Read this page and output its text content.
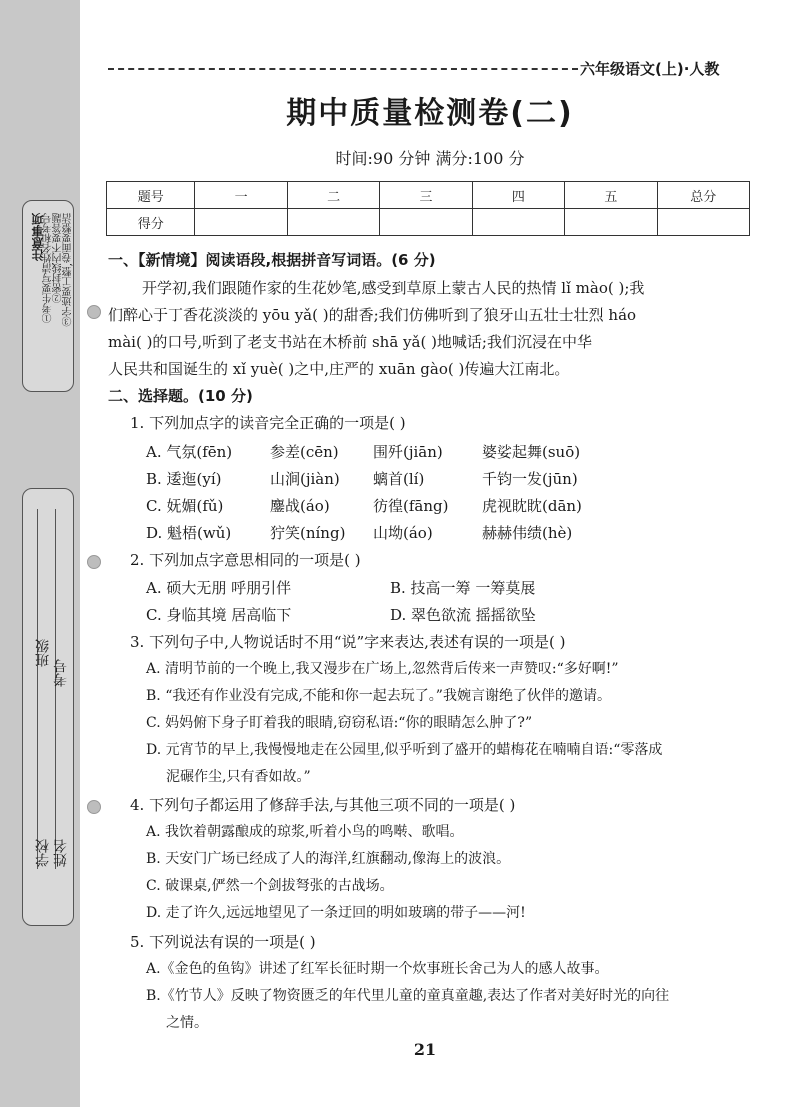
注意事项
①考生要写清姓名和考号 ②密封线内不要答题 ③字迹要工整,卷面要整洁
班级
考号
学校 姓名
六年级语文(上)·人教
期中质量检测卷(二)
时间:90 分钟 满分:100 分
题号	一	二	三	四	五	总分
得分						
一、【新情境】阅读语段,根据拼音写词语。(6 分)
开学初,我们跟随作家的生花妙笔,感受到草原上蒙古人民的热情 lǐ mào( );我
们醉心于丁香花淡淡的 yōu yǎ( )的甜香;我们仿佛听到了狼牙山五壮士壮烈 háo
mài( )的口号,听到了老支书站在木桥前 shā yǎ( )地喊话;我们沉浸在中华
人民共和国诞生的 xǐ yuè( )之中,庄严的 xuān gào( )传遍大江南北。
二、选择题。(10 分)
1. 下列加点字的读音完全正确的一项是( )
A. 气氛(fēn)	参差(cēn) 围歼(jiān)	婆娑起舞(suō)
B. 逶迤(yí)	山涧(jiàn) 螭首(lí)	千钧一发(jūn)
C. 妩媚(fǔ)	鏖战(áo)	彷徨(fāng) 虎视眈眈(dān)
D. 魁梧(wǔ)	狞笑(níng) 山坳(áo)	赫赫伟绩(hè)
2. 下列加点字意思相同的一项是( )
A. 硕大无朋 呼朋引伴	B. 技高一筹 一筹莫展
C. 身临其境 居高临下	D. 翠色欲流 摇摇欲坠
3. 下列句子中,人物说话时不用“说”字来表达,表述有误的一项是( )
A. 清明节前的一个晚上,我又漫步在广场上,忽然背后传来一声赞叹:“多好啊!”
B. “我还有作业没有完成,不能和你一起去玩了。”我婉言谢绝了伙伴的邀请。
C. 妈妈俯下身子盯着我的眼睛,窃窃私语:“你的眼睛怎么肿了?”
D. 元宵节的早上,我慢慢地走在公园里,似乎听到了盛开的蜡梅花在喃喃自语:“零落成
泥碾作尘,只有香如故。”
4. 下列句子都运用了修辞手法,与其他三项不同的一项是( )
A. 我饮着朝露酿成的琼浆,听着小鸟的鸣啭、歌唱。
B. 天安门广场已经成了人的海洋,红旗翻动,像海上的波浪。
C. 破课桌,俨然一个剑拔弩张的古战场。
D. 走了许久,远远地望见了一条迂回的明如玻璃的带子——河!
5. 下列说法有误的一项是( )
A.《金色的鱼钩》讲述了红军长征时期一个炊事班长舍己为人的感人故事。
B.《竹节人》反映了物资匮乏的年代里儿童的童真童趣,表达了作者对美好时光的向往
之情。
21
